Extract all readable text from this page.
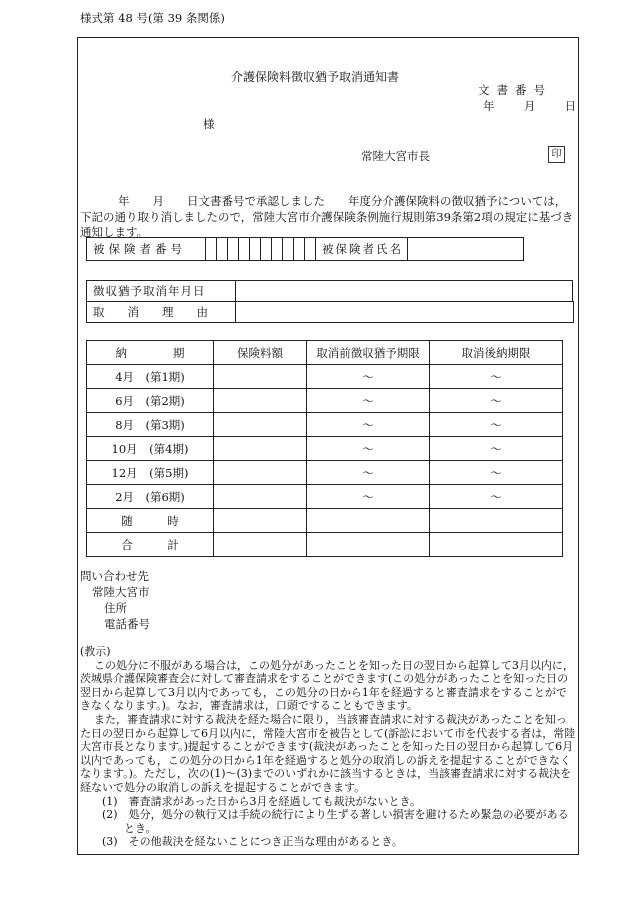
様式第 48 号(第 39 条関係)
介護保険料徴収猶予取消通知書
文書番号
年	月	日
様
常陸大宮市長	印
年　　月　　日文書番号で承認しました　　年度分介護保険料の徴収猶予については，下記の通り取り消しましたので，常陸大宮市介護保険条例施行規則第39条第2項の規定に基づき通知します。
被保険者番号											被保険者氏名	
徴収猶予取消年月日		
取　　消　　理　　由		
納　　　　期	保険料額	取消前徴収猶予期限	取消後納期限
4月　(第1期)		〜	〜
6月　(第2期)		〜	〜
8月　(第3期)		〜	〜
10月　(第4期)		〜	〜
12月　(第5期)		〜	〜
2月　(第6期)		〜	〜
随　　　時			
合　　　計			
問い合わせ先
常陸大宮市
住所
電話番号

(教示)

この処分に不服がある場合は，この処分があったことを知った日の翌日から起算して3月以内に，茨城県介護保険審査会に対して審査請求をすることができます(この処分があったことを知った日の翌日から起算して3月以内であっても，この処分の日から1年を経過すると審査請求をすることができなくなります。)。なお，審査請求は，口頭ですることもできます。

また，審査請求に対する裁決を経た場合に限り，当該審査請求に対する裁決があったことを知った日の翌日から起算して6月以内に，常陸大宮市を被告として(訴訟において市を代表する者は，常陸大宮市長となります。)提起することができます(裁決があったことを知った日の翌日から起算して6月以内であっても，この処分の日から1年を経過すると処分の取消しの訴えを提起することができなくなります。)。ただし，次の(1)〜(3)までのいずれかに該当するときは，当該審査請求に対する裁決を経ないで処分の取消しの訴えを提起することができます。

(1)　審査請求があった日から3月を経過しても裁決がないとき。

(2)　処分，処分の執行又は手続の続行により生ずる著しい損害を避けるため緊急の必要があるとき。

(3)　その他裁決を経ないことにつき正当な理由があるとき。
